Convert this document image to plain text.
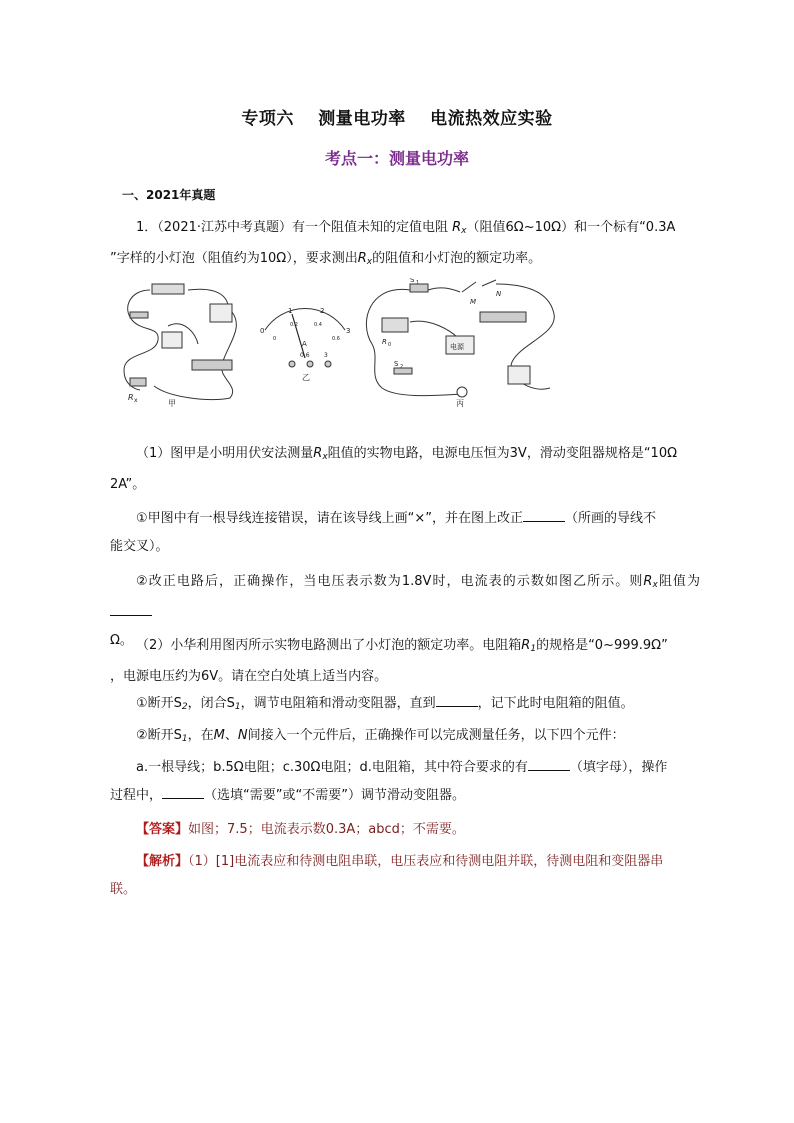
专项六 测量电功率 电流热效应实验
考点一：测量电功率
一、2021年真题
1．（2021·江苏中考真题）有一个阻值未知的定值电阻 $R_x$（阻值6Ω~10Ω）和一个标有“0.3A
”字样的小灯泡（阻值约为10Ω），要求测出$R_x$的阻值和小灯泡的额定功率。
R x	甲
0
1	2
3
0
0.2	0.4
0.6
A
0.6 3
乙
S 1
S 2
R 0
M
N
电源
丙
（1）图甲是小明用伏安法测量$R_x$阻值的实物电路，电源电压恒为3V，滑动变阻器规格是“10Ω
2A”。
①甲图中有一根导线连接错误，请在该导线上画“×”，并在图上改正	（所画的导线不
能交叉）。
②改正电路后，正确操作，当电压表示数为1.8V时，电流表的示数如图乙所示。则$R_x$阻值为
Ω。 （2）小华利用图丙所示实物电路测出了小灯泡的额定功率。电阻箱$R_1$的规格是“0~999.9Ω”
，电源电压约为6V。请在空白处填上适当内容。
①断开$S_2$，闭合$S_1$，调节电阻箱和滑动变阻器，直到	，记下此时电阻箱的阻值。
②断开$S_1$，在M、N间接入一个元件后，正确操作可以完成测量任务，以下四个元件：
a.一根导线；b.5Ω电阻；c.30Ω电阻；d.电阻箱，其中符合要求的有	（填字母），操作
过程中，	（选填“需要”或“不需要”）调节滑动变阻器。
【答案】如图；7.5；电流表示数0.3A；abcd；不需要。
【解析】（1）[1]电流表应和待测电阻串联，电压表应和待测电阻并联，待测电阻和变阻器串
联。
